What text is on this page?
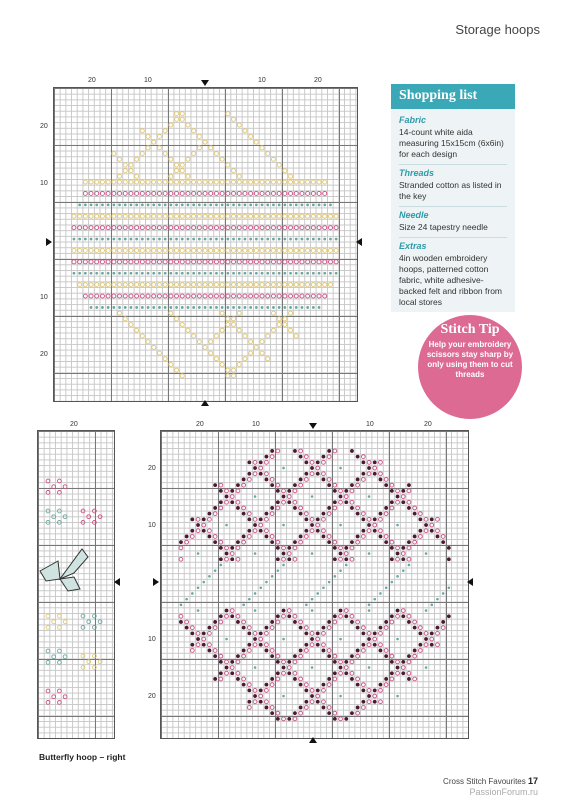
Storage hoops
20	10	10	20
20
10
10
20
Shopping list
Fabric
14-count white aida measuring 15x15cm (6x6in) for each design
Threads
Stranded cotton as listed in the key
Needle
Size 24 tapestry needle
Extras
4in wooden embroidery hoops, patterned cotton fabric, white adhesive-backed felt and ribbon from local stores
Stitch Tip
Help your embroidery scissors stay sharp by only using them to cut threads
20
Butterfly hoop – right
20	10	10	20
20
10
10
20
Cross Stitch Favourites 17
PassionForum.ru
